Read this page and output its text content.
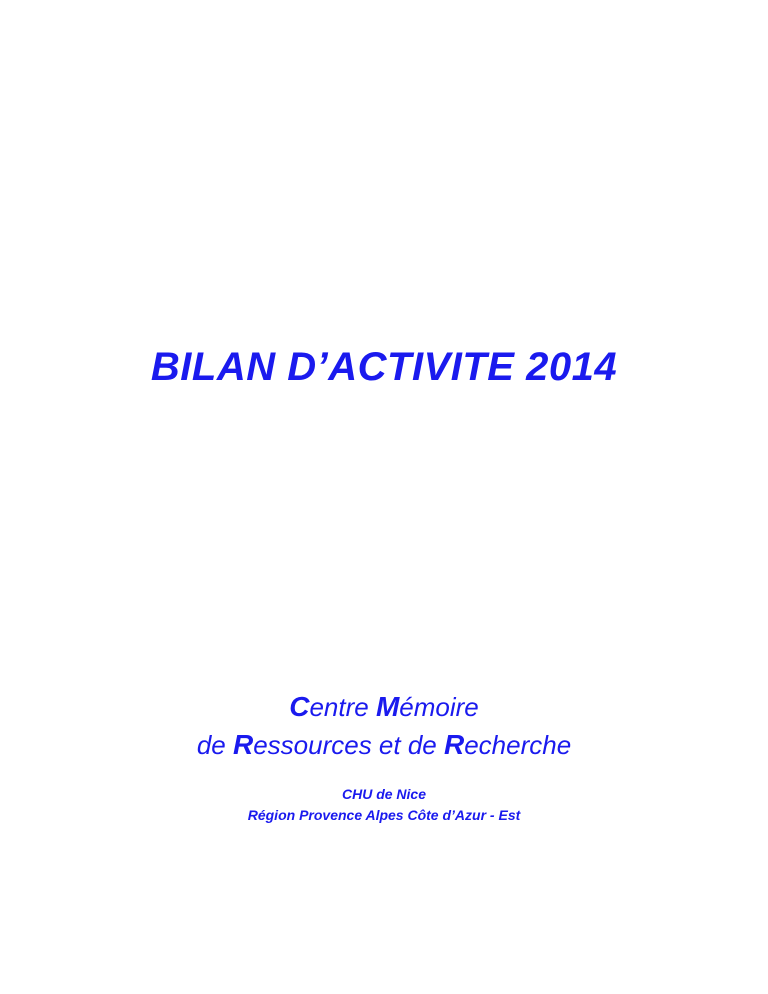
BILAN D’ACTIVITE 2014
Centre Mémoire
de Ressources et de Recherche
CHU de Nice
Région Provence Alpes Côte d’Azur - Est
